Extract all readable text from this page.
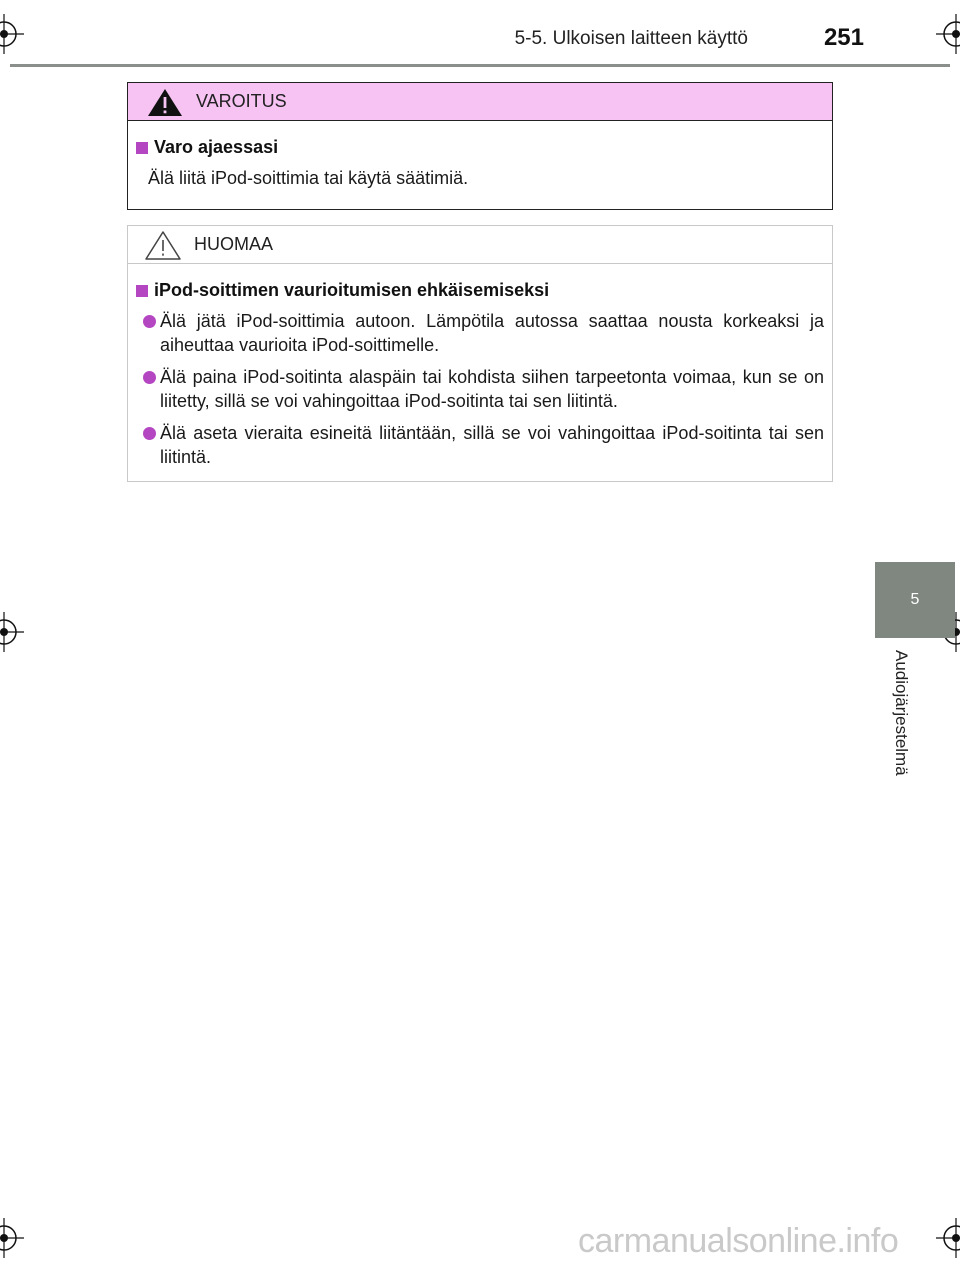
5-5. Ulkoisen laitteen käyttö	251
5
Audiojärjestelmä
VAROITUS
Varo ajaessasi
Älä liitä iPod-soittimia tai käytä säätimiä.
HUOMAA
iPod-soittimen vaurioitumisen ehkäisemiseksi
Älä jätä iPod-soittimia autoon. Lämpötila autossa saattaa nousta korkeaksi ja aiheuttaa vaurioita iPod-soittimelle.
Älä paina iPod-soitinta alaspäin tai kohdista siihen tarpeetonta voimaa, kun se on liitetty, sillä se voi vahingoittaa iPod-soitinta tai sen liitintä.
Älä aseta vieraita esineitä liitäntään, sillä se voi vahingoittaa iPod-soitinta tai sen liitintä.
carmanualsonline.info
